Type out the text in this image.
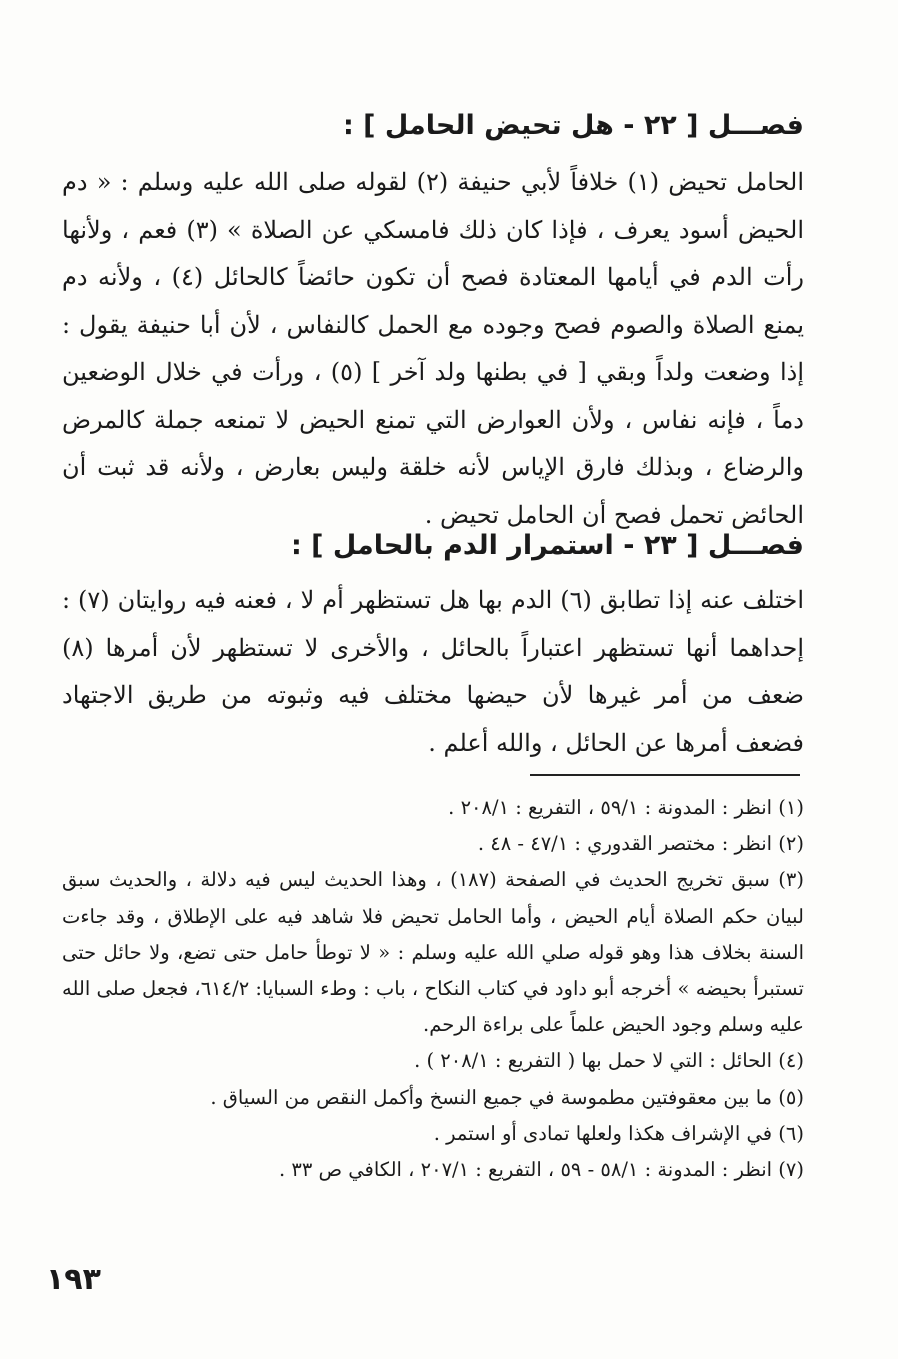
فصـــل [ ٢٢ - هل تحيض الحامل ] :
الحامل تحيض (١) خلافاً لأبي حنيفة (٢) لقوله صلى الله عليه وسلم : « دم الحيض أسود يعرف ، فإذا كان ذلك فامسكي عن الصلاة » (٣) فعم ، ولأنها رأت الدم في أيامها المعتادة فصح أن تكون حائضاً كالحائل (٤) ، ولأنه دم يمنع الصلاة والصوم فصح وجوده مع الحمل كالنفاس ، لأن أبا حنيفة يقول : إذا وضعت ولداً وبقي [ في بطنها ولد آخر ] (٥) ، ورأت في خلال الوضعين دماً ، فإنه نفاس ، ولأن العوارض التي تمنع الحيض لا تمنعه جملة كالمرض والرضاع ، وبذلك فارق الإياس لأنه خلقة وليس بعارض ، ولأنه قد ثبت أن الحائض تحمل فصح أن الحامل تحيض .
فصـــل [ ٢٣ - استمرار الدم بالحامل ] :
اختلف عنه إذا تطابق (٦) الدم بها هل تستظهر أم لا ، فعنه فيه روايتان (٧) : إحداهما أنها تستظهر اعتباراً بالحائل ، والأخرى لا تستظهر لأن أمرها (٨) ضعف من أمر غيرها لأن حيضها مختلف فيه وثبوته من طريق الاجتهاد فضعف أمرها عن الحائل ، والله أعلم .

(١) انظر : المدونة : ٥٩/١ ، التفريع : ٢٠٨/١ .

(٢) انظر : مختصر القدوري : ٤٧/١ - ٤٨ .

(٣) سبق تخريج الحديث في الصفحة (١٨٧) ، وهذا الحديث ليس فيه دلالة ، والحديث سبق لبيان حكم الصلاة أيام الحيض ، وأما الحامل تحيض فلا شاهد فيه على الإطلاق ، وقد جاءت السنة بخلاف هذا وهو قوله صلي الله عليه وسلم : « لا توطأ حامل حتى تضع، ولا حائل حتى تستبرأ بحيضه » أخرجه أبو داود في كتاب النكاح ، باب : وطء السبايا: ٦١٤/٢، فجعل صلى الله عليه وسلم وجود الحيض علماً على براءة الرحم.

(٤) الحائل : التي لا حمل بها ( التفريع : ٢٠٨/١ ) .

(٥) ما بين معقوفتين مطموسة في جميع النسخ وأكمل النقص من السياق .

(٦) في الإشراف هكذا ولعلها تمادى أو استمر .

(٧) انظر : المدونة : ٥٨/١ - ٥٩ ، التفريع : ٢٠٧/١ ، الكافي ص ٣٣ .

١٩٣
